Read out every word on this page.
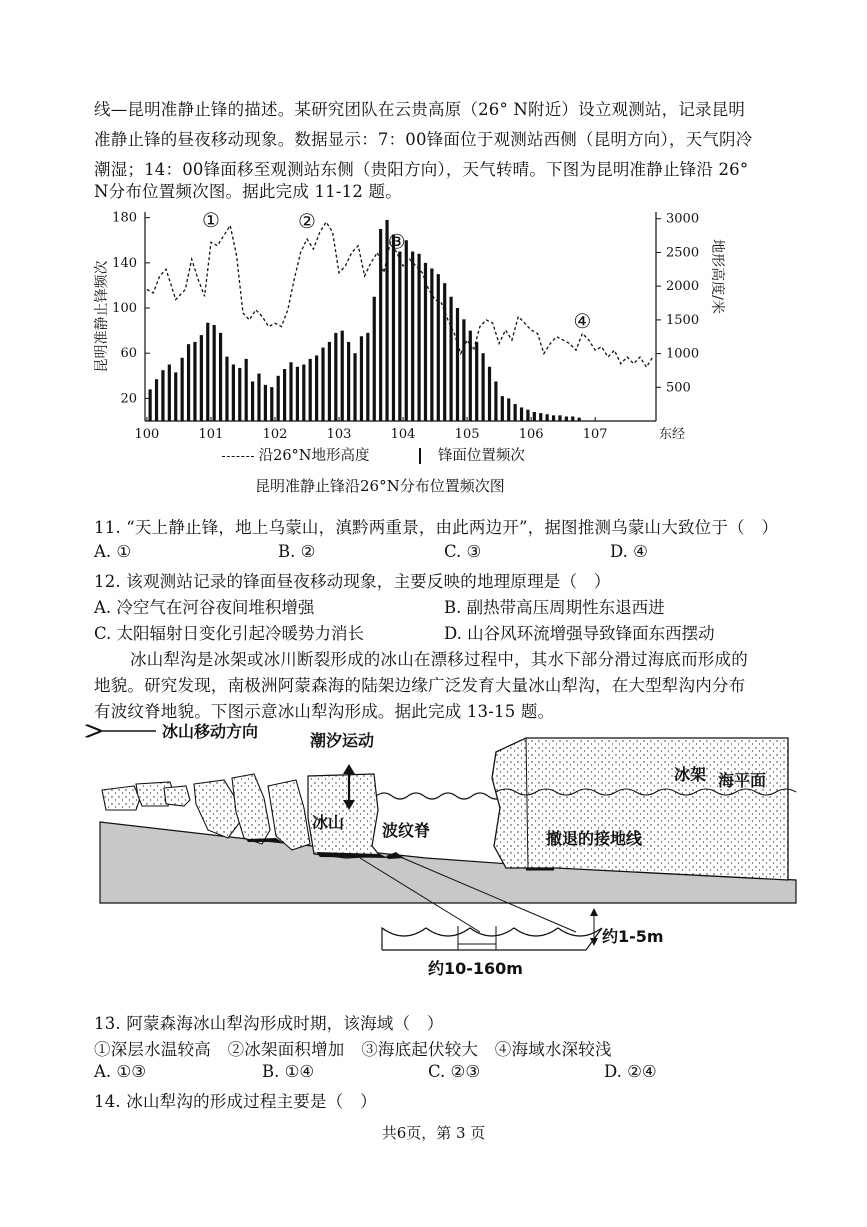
线—昆明准静止锋的描述。某研究团队在云贵高原（26° N附近）设立观测站，记录昆明
准静止锋的昼夜移动现象。数据显示：7：00锋面位于观测站西侧（昆明方向），天气阴冷
潮湿；14：00锋面移至观测站东侧（贵阳方向），天气转晴。下图为昆明准静止锋沿 26°
N分布位置频次图。据此完成 11-12 题。
20
60
100
140
180
500
1000
1500
2000
2500
3000
100	101	102	103	104	105	106	107	东经
昆明准静止锋频次	地形高度/米
①	②
③
④
沿26°N地形高度	锋面位置频次
昆明准静止锋沿26°N分布位置频次图
11. “天上静止锋，地上乌蒙山，滇黔两重景，由此两边开”，据图推测乌蒙山大致位于（　）
A. ①	B. ②	C. ③	D. ④
12. 该观测站记录的锋面昼夜移动现象，主要反映的地理原理是（　）
A. 冷空气在河谷夜间堆积增强	B. 副热带高压周期性东退西进
C. 太阳辐射日变化引起冷暖势力消长	D. 山谷风环流增强导致锋面东西摆动
冰山犁沟是冰架或冰川断裂形成的冰山在漂移过程中，其水下部分滑过海底而形成的
地貌。研究发现，南极洲阿蒙森海的陆架边缘广泛发育大量冰山犁沟，在大型犁沟内分布
有波纹脊地貌。下图示意冰山犁沟形成。据此完成 13-15 题。
冰山移动方向	潮汐运动
冰山 波纹脊
冰架 海平面
撤退的接地线
约1-5m
约10-160m
13. 阿蒙森海冰山犁沟形成时期，该海域（　）
①深层水温较高　②冰架面积增加　③海底起伏较大　④海域水深较浅
A. ①③	B. ①④	C. ②③	D. ②④
14. 冰山犁沟的形成过程主要是（　）
共6页，第 3 页
